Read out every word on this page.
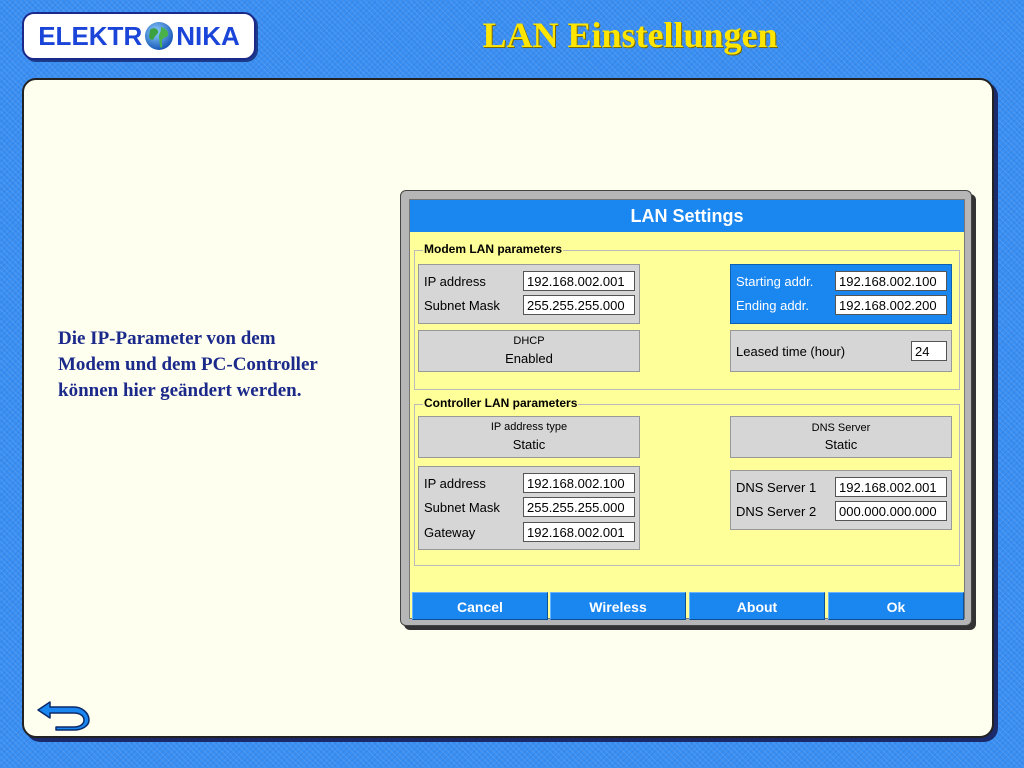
ELEKTR NIKA	LAN Einstellungen
Die IP-Parameter von dem
Modem und dem PC-Controller
können hier geändert werden.
LAN Settings
Modem LAN parameters
IP address	192.168.002.001
Subnet Mask	255.255.255.000
Starting addr.	192.168.002.100
Ending addr.	192.168.002.200
DHCP
Enabled	Leased time (hour)	24
Controller LAN parameters
IP address type
Static
DNS Server
Static
IP address	192.168.002.100
Subnet Mask	255.255.255.000
Gateway	192.168.002.001
DNS Server 1	192.168.002.001
DNS Server 2	000.000.000.000
Cancel	Wireless	About	Ok
